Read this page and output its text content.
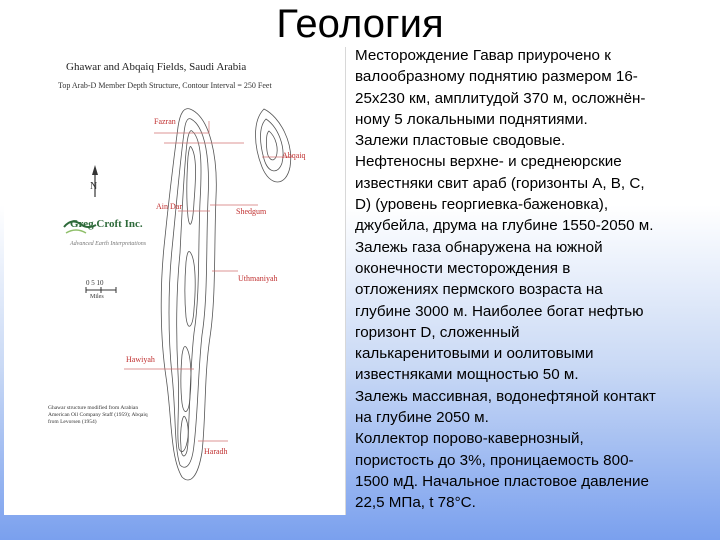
Геология
Ghawar and Abqaiq Fields, Saudi Arabia
Top Arab-D Member Depth Structure, Contour Interval = 250 Feet
Fazran
Abqaiq
Ain Dar
Shedgum
Uthmaniyah
Hawiyah
Haradh
N
Greg Croft Inc.
Advanced Earth Interpretations
0 5 10
Miles
Ghawar structure modified from Arabian American Oil Company Staff (1959); Abqaiq from Levorsen (1954)

Месторождение Гавар приурочено к

валообразному поднятию размером 16-

25х230 км, амплитудой 370 м, осложнён-

ному 5 локальными поднятиями.

Залежи пластовые сводовые.

Нефтеносны верхне- и среднеюрские

известняки свит араб (горизонты A, B, C,

D) (уровень георгиевка-баженовка),

джубейла, друма на глубине 1550-2050 м.

Залежь газа обнаружена на южной

оконечности месторождения в

отложениях пермского возраста на

глубине 3000 м. Наиболее богат нефтью

горизонт D, сложенный

калькаренитовыми и оолитовыми

известняками мощностью 50 м.

Залежь массивная, водонефтяной контакт

на глубине 2050 м.

Коллектор порово-кавернозный,

пористость до 3%, проницаемость 800-

1500 мД. Начальное пластовое давление

22,5 МПа, t 78°С.
